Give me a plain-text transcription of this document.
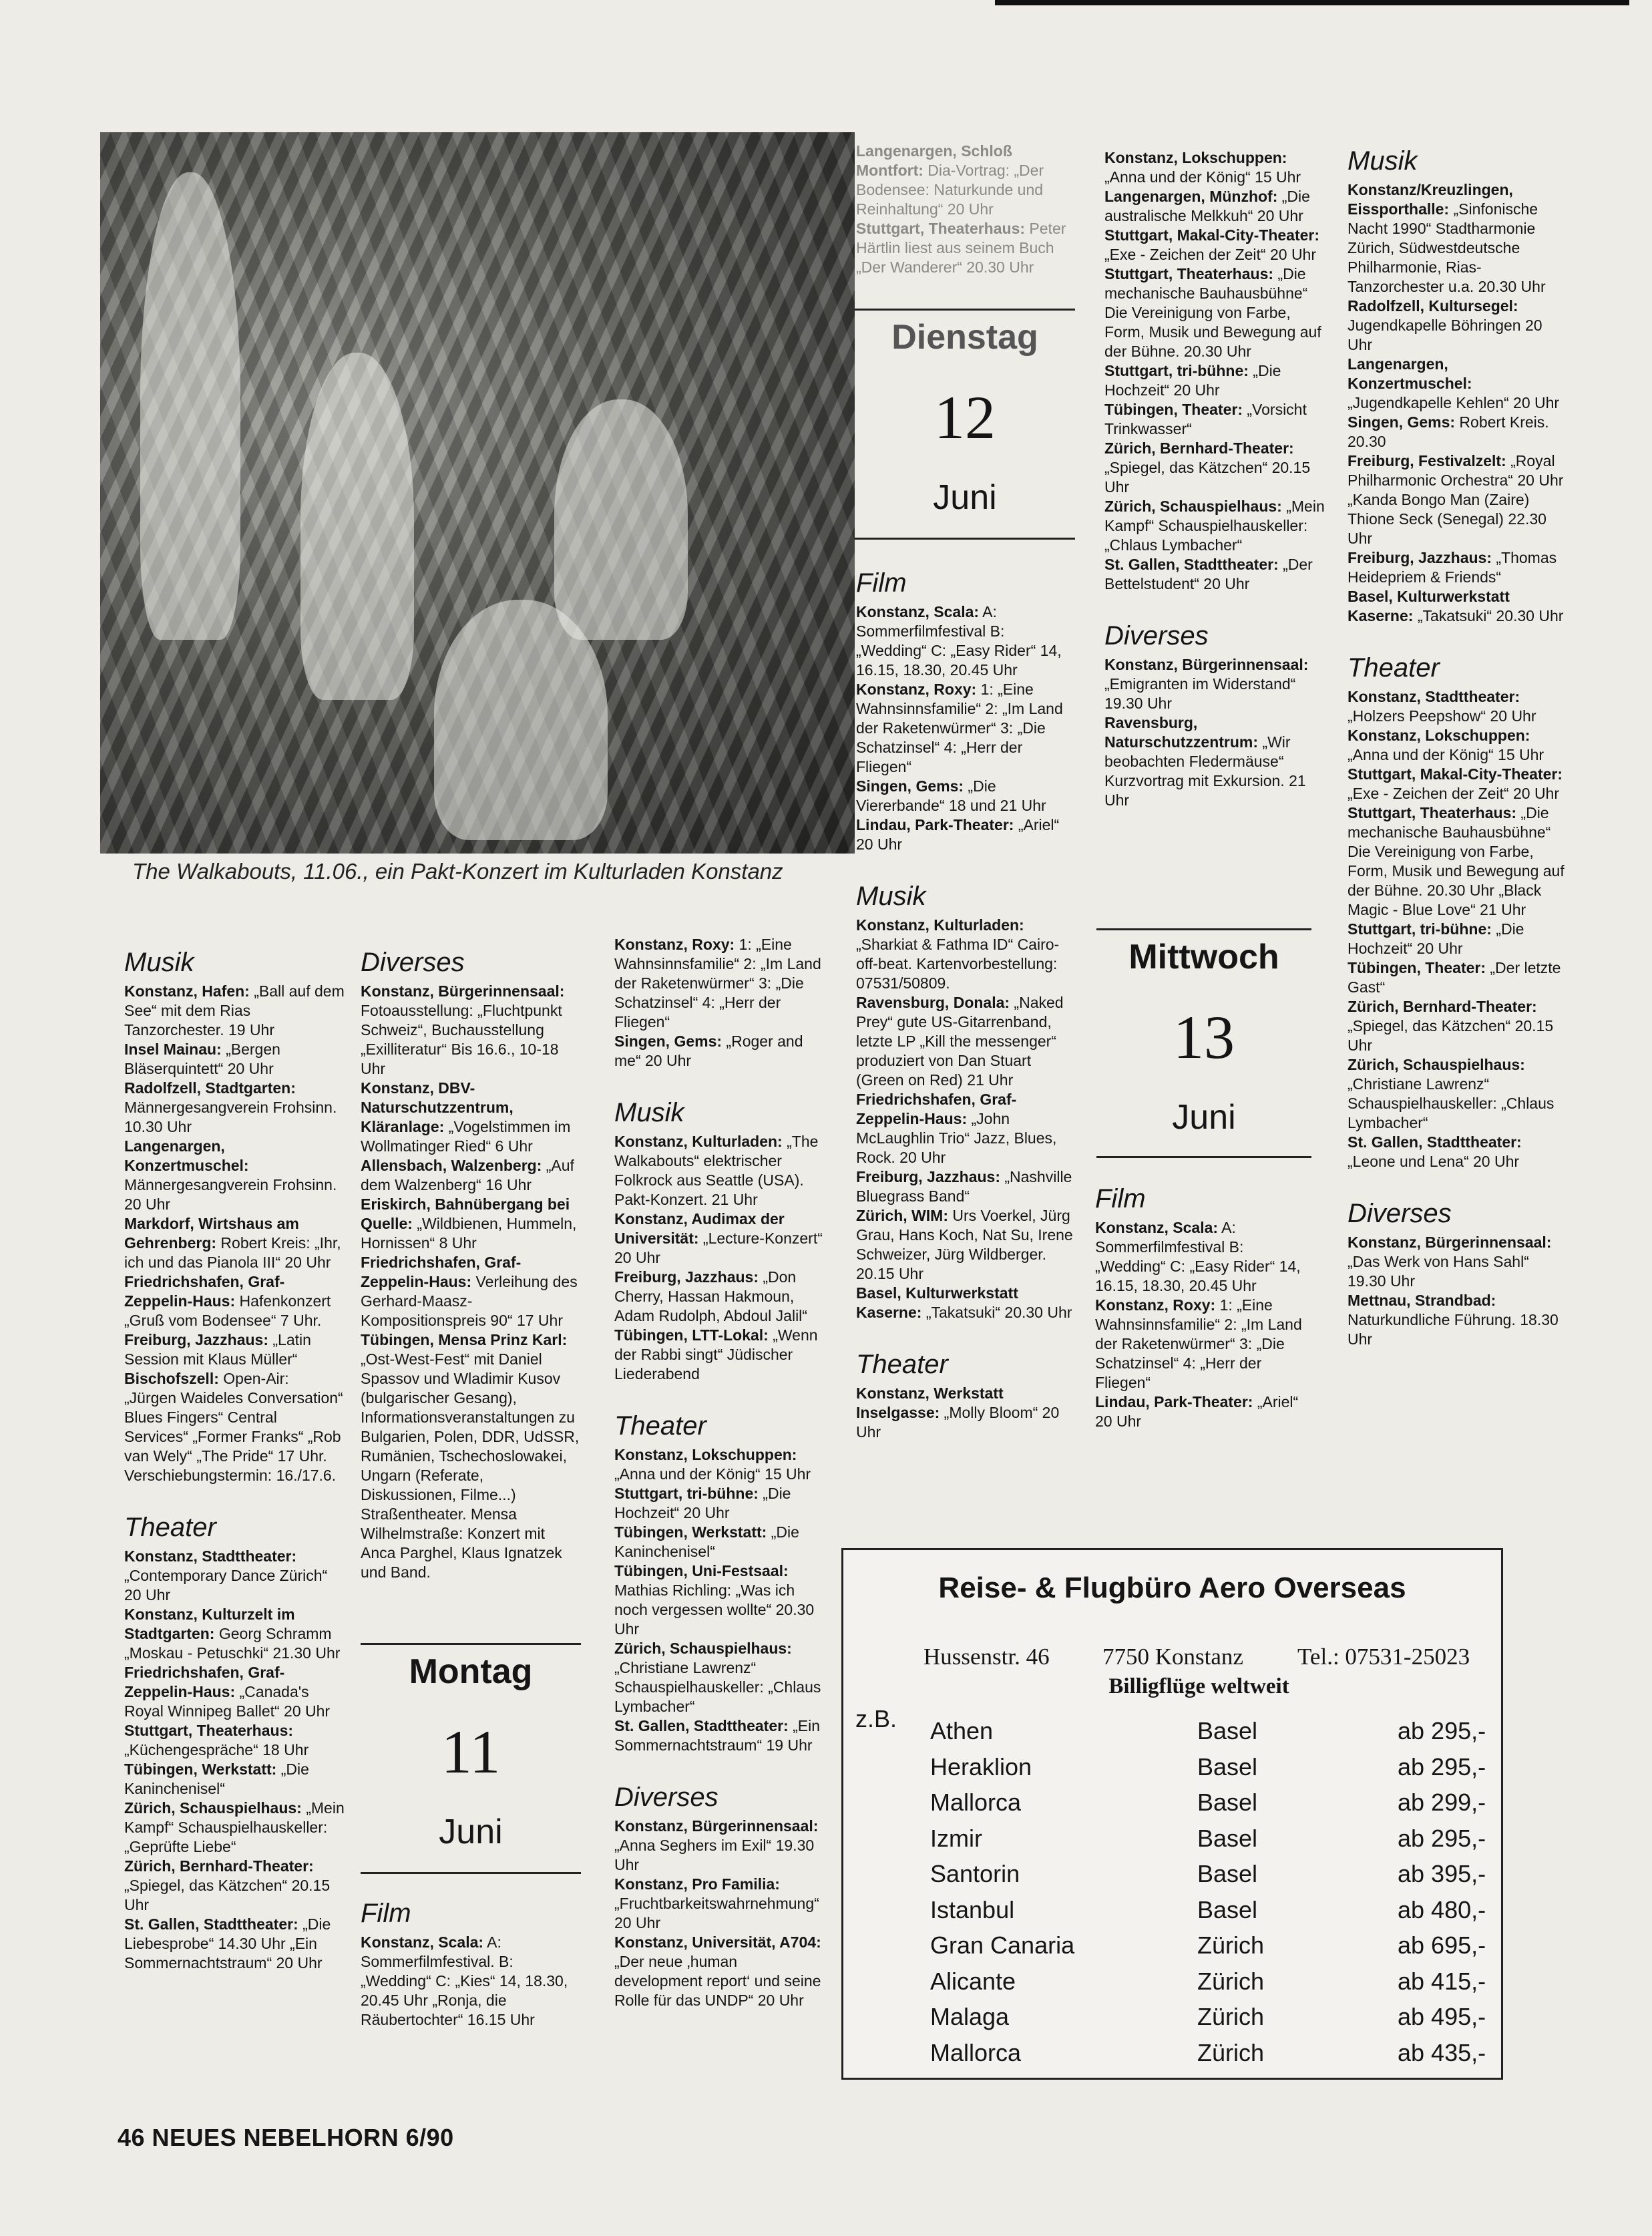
The Walkabouts, 11.06., ein Pakt-Konzert im Kulturladen Konstanz
Musik

Konstanz, Hafen: „Ball auf dem See“ mit dem Rias Tanzorchester. 19 Uhr

Insel Mainau: „Bergen Bläserquintett“ 20 Uhr

Radolfzell, Stadtgarten: Männergesangverein Frohsinn. 10.30 Uhr

Langenargen, Konzertmuschel: Männergesangverein Frohsinn. 20 Uhr

Markdorf, Wirtshaus am Gehrenberg: Robert Kreis: „Ihr, ich und das Pianola III“ 20 Uhr

Friedrichshafen, Graf-Zeppelin-Haus: Hafenkonzert „Gruß vom Bodensee“ 7 Uhr.

Freiburg, Jazzhaus: „Latin Session mit Klaus Müller“

Bischofszell: Open-Air: „Jürgen Waideles Conversation“ Blues Fingers“ Central Services“ „Former Franks“ „Rob van Wely“ „The Pride“ 17 Uhr. Verschiebungstermin: 16./17.6.

Theater

Konstanz, Stadttheater: „Contemporary Dance Zürich“ 20 Uhr

Konstanz, Kulturzelt im Stadtgarten: Georg Schramm „Moskau - Petuschki“ 21.30 Uhr

Friedrichshafen, Graf-Zeppelin-Haus: „Canada's Royal Winnipeg Ballet“ 20 Uhr

Stuttgart, Theaterhaus: „Küchengespräche“ 18 Uhr

Tübingen, Werkstatt: „Die Kaninchenisel“

Zürich, Schauspielhaus: „Mein Kampf“ Schauspielhauskeller: „Geprüfte Liebe“

Zürich, Bernhard-Theater: „Spiegel, das Kätzchen“ 20.15 Uhr

St. Gallen, Stadttheater: „Die Liebesprobe“ 14.30 Uhr „Ein Sommernachtstraum“ 20 Uhr

Diverses

Konstanz, Bürgerinnensaal: Fotoausstellung: „Fluchtpunkt Schweiz“, Buchausstellung „Exilliteratur“ Bis 16.6., 10-18 Uhr

Konstanz, DBV-Naturschutzzentrum, Kläranlage: „Vogelstimmen im Wollmatinger Ried“ 6 Uhr

Allensbach, Walzenberg: „Auf dem Walzenberg“ 16 Uhr

Eriskirch, Bahnübergang bei Quelle: „Wildbienen, Hummeln, Hornissen“ 8 Uhr

Friedrichshafen, Graf-Zeppelin-Haus: Verleihung des Gerhard-Maasz-Kompositionspreis 90“ 17 Uhr

Tübingen, Mensa Prinz Karl: „Ost-West-Fest“ mit Daniel Spassov und Wladimir Kusov (bulgarischer Gesang), Informationsveranstaltungen zu Bulgarien, Polen, DDR, UdSSR, Rumänien, Tschechoslowakei, Ungarn (Referate, Diskussionen, Filme...) Straßentheater. Mensa Wilhelmstraße: Konzert mit Anca Parghel, Klaus Ignatzek und Band.

Montag
11
Juni
Film

Konstanz, Scala: A: Sommerfilmfestival. B: „Wedding“ C: „Kies“ 14, 18.30, 20.45 Uhr „Ronja, die Räubertochter“ 16.15 Uhr

Konstanz, Roxy: 1: „Eine Wahnsinnsfamilie“ 2: „Im Land der Raketenwürmer“ 3: „Die Schatzinsel“ 4: „Herr der Fliegen“

Singen, Gems: „Roger and me“ 20 Uhr

Musik

Konstanz, Kulturladen: „The Walkabouts“ elektrischer Folkrock aus Seattle (USA). Pakt-Konzert. 21 Uhr

Konstanz, Audimax der Universität: „Lecture-Konzert“ 20 Uhr

Freiburg, Jazzhaus: „Don Cherry, Hassan Hakmoun, Adam Rudolph, Abdoul Jalil“

Tübingen, LTT-Lokal: „Wenn der Rabbi singt“ Jüdischer Liederabend

Theater

Konstanz, Lokschuppen: „Anna und der König“ 15 Uhr

Stuttgart, tri-bühne: „Die Hochzeit“ 20 Uhr

Tübingen, Werkstatt: „Die Kaninchenisel“

Tübingen, Uni-Festsaal: Mathias Richling: „Was ich noch vergessen wollte“ 20.30 Uhr

Zürich, Schauspielhaus: „Christiane Lawrenz“ Schauspielhauskeller: „Chlaus Lymbacher“

St. Gallen, Stadttheater: „Ein Sommernachtstraum“ 19 Uhr

Diverses

Konstanz, Bürgerinnensaal: „Anna Seghers im Exil“ 19.30 Uhr

Konstanz, Pro Familia: „Fruchtbarkeitswahrnehmung“ 20 Uhr

Konstanz, Universität, A704: „Der neue ‚human development report‘ und seine Rolle für das UNDP“ 20 Uhr

Langenargen, Schloß Montfort: Dia-Vortrag: „Der Bodensee: Naturkunde und Reinhaltung“ 20 Uhr

Stuttgart, Theaterhaus: Peter Härtlin liest aus seinem Buch „Der Wanderer“ 20.30 Uhr

Dienstag
12
Juni
Film

Konstanz, Scala: A: Sommerfilmfestival B: „Wedding“ C: „Easy Rider“ 14, 16.15, 18.30, 20.45 Uhr

Konstanz, Roxy: 1: „Eine Wahnsinnsfamilie“ 2: „Im Land der Raketenwürmer“ 3: „Die Schatzinsel“ 4: „Herr der Fliegen“

Singen, Gems: „Die Viererbande“ 18 und 21 Uhr

Lindau, Park-Theater: „Ariel“ 20 Uhr

Musik

Konstanz, Kulturladen: „Sharkiat & Fathma ID“ Cairo-off-beat. Kartenvorbestellung: 07531/50809.

Ravensburg, Donala: „Naked Prey“ gute US-Gitarrenband, letzte LP „Kill the messenger“ produziert von Dan Stuart (Green on Red) 21 Uhr

Friedrichshafen, Graf-Zeppelin-Haus: „John McLaughlin Trio“ Jazz, Blues, Rock. 20 Uhr

Freiburg, Jazzhaus: „Nashville Bluegrass Band“

Zürich, WIM: Urs Voerkel, Jürg Grau, Hans Koch, Nat Su, Irene Schweizer, Jürg Wildberger. 20.15 Uhr

Basel, Kulturwerkstatt Kaserne: „Takatsuki“ 20.30 Uhr

Theater

Konstanz, Werkstatt Inselgasse: „Molly Bloom“ 20 Uhr

Konstanz, Lokschuppen: „Anna und der König“ 15 Uhr

Langenargen, Münzhof: „Die australische Melkkuh“ 20 Uhr

Stuttgart, Makal-City-Theater: „Exe - Zeichen der Zeit“ 20 Uhr

Stuttgart, Theaterhaus: „Die mechanische Bauhausbühne“ Die Vereinigung von Farbe, Form, Musik und Bewegung auf der Bühne. 20.30 Uhr

Stuttgart, tri-bühne: „Die Hochzeit“ 20 Uhr

Tübingen, Theater: „Vorsicht Trinkwasser“

Zürich, Bernhard-Theater: „Spiegel, das Kätzchen“ 20.15 Uhr

Zürich, Schauspielhaus: „Mein Kampf“ Schauspielhauskeller: „Chlaus Lymbacher“

St. Gallen, Stadttheater: „Der Bettelstudent“ 20 Uhr

Diverses

Konstanz, Bürgerinnensaal: „Emigranten im Widerstand“ 19.30 Uhr

Ravensburg, Naturschutzzentrum: „Wir beobachten Fledermäuse“ Kurzvortrag mit Exkursion. 21 Uhr

Mittwoch
13
Juni
Film

Konstanz, Scala: A: Sommerfilmfestival B: „Wedding“ C: „Easy Rider“ 14, 16.15, 18.30, 20.45 Uhr

Konstanz, Roxy: 1: „Eine Wahnsinnsfamilie“ 2: „Im Land der Raketenwürmer“ 3: „Die Schatzinsel“ 4: „Herr der Fliegen“

Lindau, Park-Theater: „Ariel“ 20 Uhr

Musik

Konstanz/Kreuzlingen, Eissporthalle: „Sinfonische Nacht 1990“ Stadtharmonie Zürich, Südwestdeutsche Philharmonie, Rias-Tanzorchester u.a. 20.30 Uhr

Radolfzell, Kultursegel: Jugendkapelle Böhringen 20 Uhr

Langenargen, Konzertmuschel: „Jugendkapelle Kehlen“ 20 Uhr

Singen, Gems: Robert Kreis. 20.30

Freiburg, Festivalzelt: „Royal Philharmonic Orchestra“ 20 Uhr „Kanda Bongo Man (Zaire) Thione Seck (Senegal) 22.30 Uhr

Freiburg, Jazzhaus: „Thomas Heidepriem & Friends“

Basel, Kulturwerkstatt Kaserne: „Takatsuki“ 20.30 Uhr

Theater

Konstanz, Stadttheater: „Holzers Peepshow“ 20 Uhr

Konstanz, Lokschuppen: „Anna und der König“ 15 Uhr

Stuttgart, Makal-City-Theater: „Exe - Zeichen der Zeit“ 20 Uhr

Stuttgart, Theaterhaus: „Die mechanische Bauhausbühne“ Die Vereinigung von Farbe, Form, Musik und Bewegung auf der Bühne. 20.30 Uhr „Black Magic - Blue Love“ 21 Uhr

Stuttgart, tri-bühne: „Die Hochzeit“ 20 Uhr

Tübingen, Theater: „Der letzte Gast“

Zürich, Bernhard-Theater: „Spiegel, das Kätzchen“ 20.15 Uhr

Zürich, Schauspielhaus: „Christiane Lawrenz“ Schauspielhauskeller: „Chlaus Lymbacher“

St. Gallen, Stadttheater: „Leone und Lena“ 20 Uhr

Diverses

Konstanz, Bürgerinnensaal: „Das Werk von Hans Sahl“ 19.30 Uhr

Mettnau, Strandbad: Naturkundliche Führung. 18.30 Uhr

Reise- & Flugbüro Aero Overseas
Hussenstr. 46 7750 Konstanz Tel.: 07531-25023
Billigflüge weltweit
z.B. Athen	Basel	ab 295,-
Heraklion	Basel	ab 295,-
Mallorca	Basel	ab 299,-
Izmir	Basel	ab 295,-
Santorin	Basel	ab 395,-
Istanbul	Basel	ab 480,-
Gran Canaria	Zürich	ab 695,-
Alicante	Zürich	ab 415,-
Malaga	Zürich	ab 495,-
Mallorca	Zürich	ab 435,-
46 NEUES NEBELHORN 6/90
